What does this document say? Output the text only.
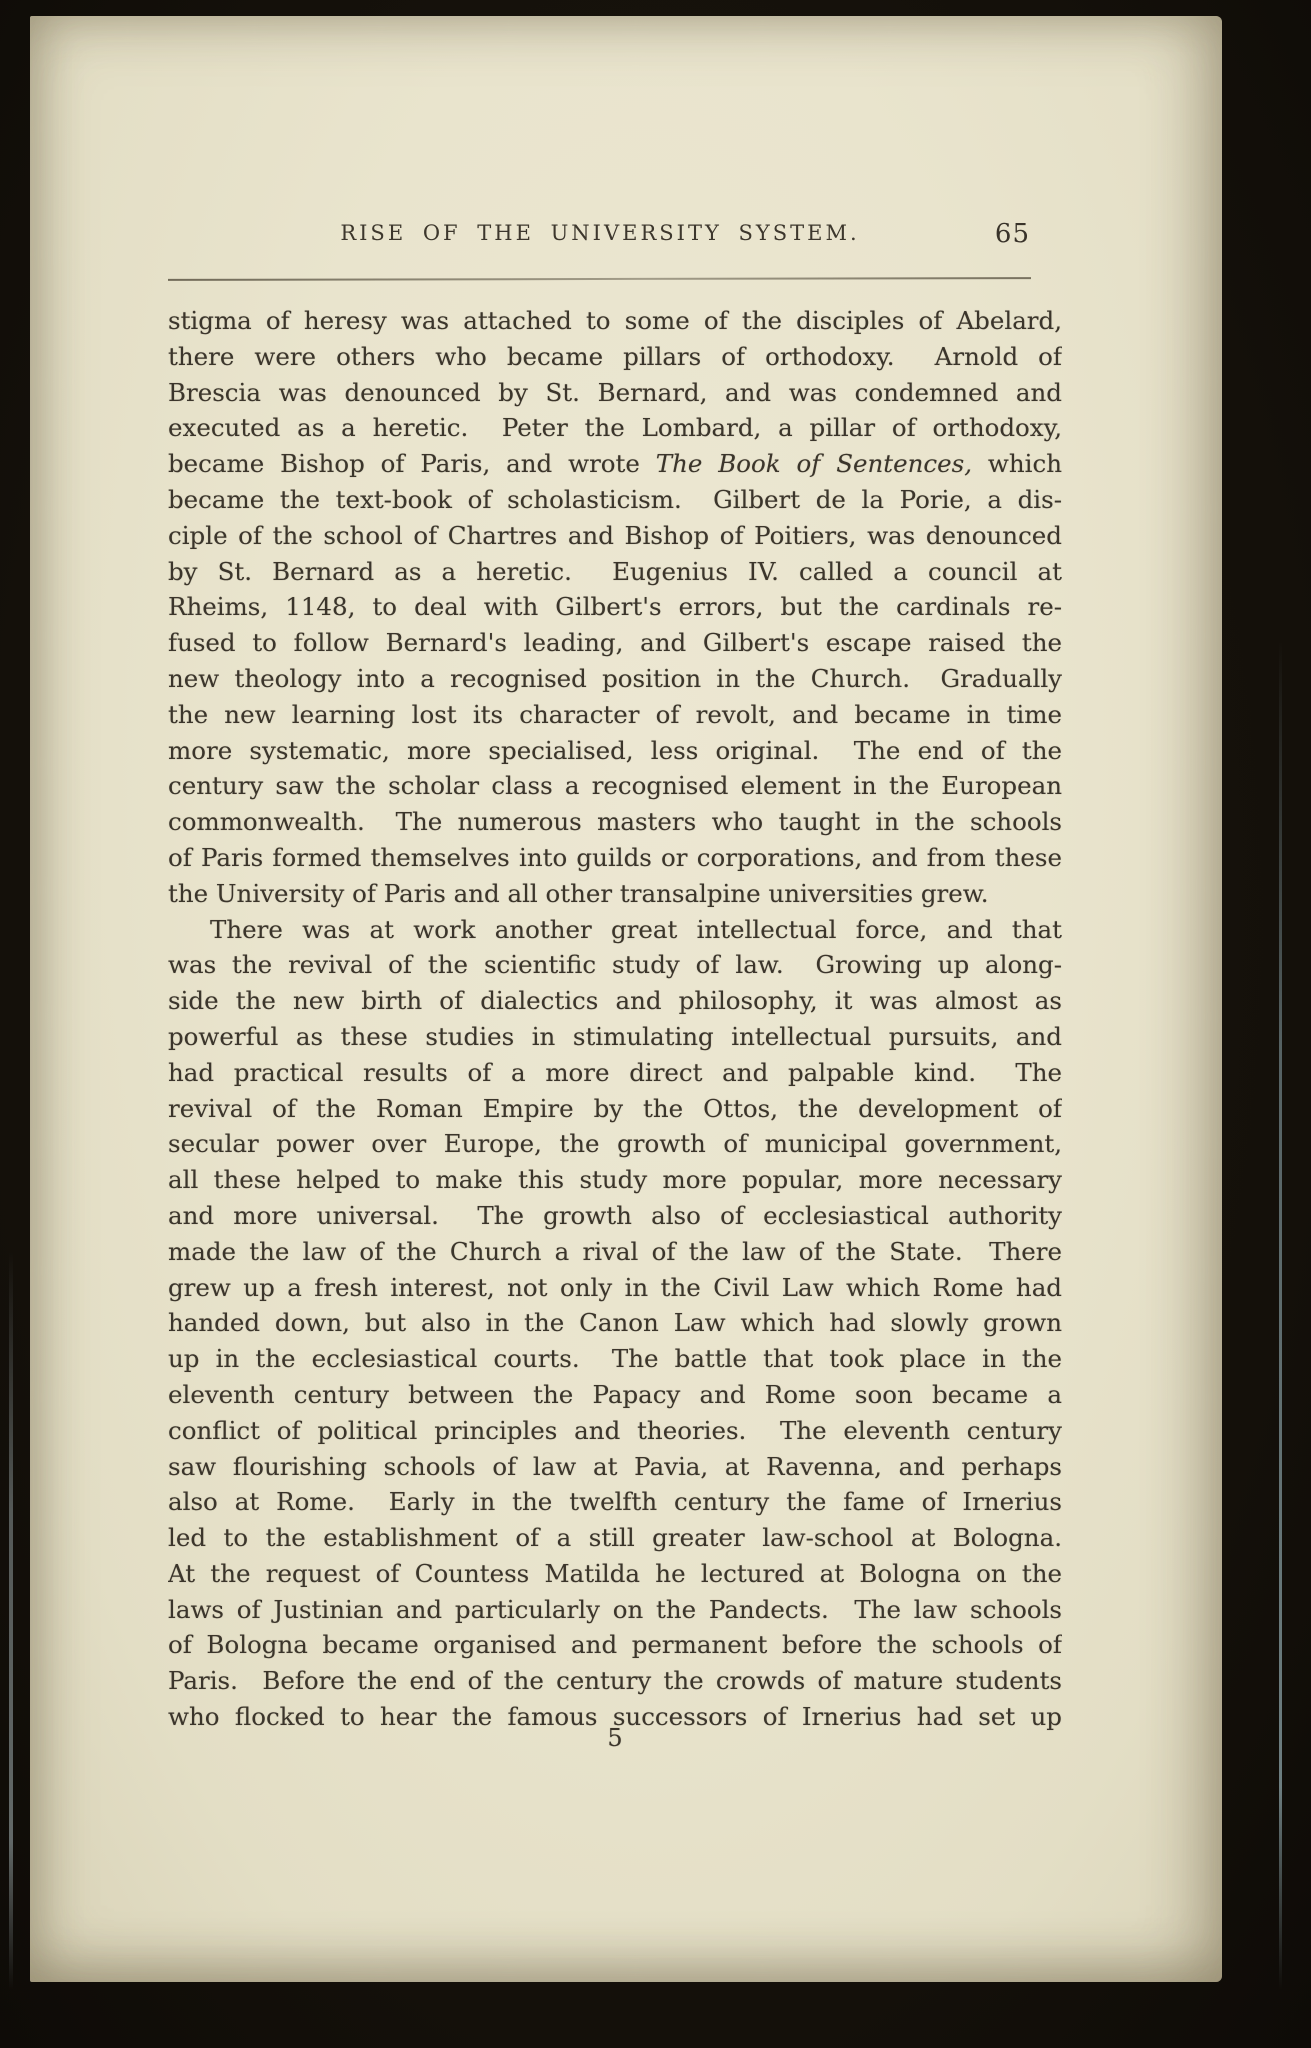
RISE OF THE UNIVERSITY SYSTEM.	65
stigma of heresy was attached to some of the disciples of Abelard,
there were others who became pillars of orthodoxy.  Arnold of
Brescia was denounced by St. Bernard, and was condemned and
executed as a heretic.  Peter the Lombard, a pillar of orthodoxy,
became Bishop of Paris, and wrote The Book of Sentences, which
became the text-book of scholasticism.  Gilbert de la Porie, a dis-
ciple of the school of Chartres and Bishop of Poitiers, was denounced
by St. Bernard as a heretic.  Eugenius IV. called a council at
Rheims, 1148, to deal with Gilbert's errors, but the cardinals re-
fused to follow Bernard's leading, and Gilbert's escape raised the
new theology into a recognised position in the Church.  Gradually
the new learning lost its character of revolt, and became in time
more systematic, more specialised, less original.  The end of the
century saw the scholar class a recognised element in the European
commonwealth.  The numerous masters who taught in the schools
of Paris formed themselves into guilds or corporations, and from these
the University of Paris and all other transalpine universities grew.
There was at work another great intellectual force, and that
was the revival of the scientific study of law.  Growing up along-
side the new birth of dialectics and philosophy, it was almost as
powerful as these studies in stimulating intellectual pursuits, and
had practical results of a more direct and palpable kind.  The
revival of the Roman Empire by the Ottos, the development of
secular power over Europe, the growth of municipal government,
all these helped to make this study more popular, more necessary
and more universal.  The growth also of ecclesiastical authority
made the law of the Church a rival of the law of the State.  There
grew up a fresh interest, not only in the Civil Law which Rome had
handed down, but also in the Canon Law which had slowly grown
up in the ecclesiastical courts.  The battle that took place in the
eleventh century between the Papacy and Rome soon became a
conflict of political principles and theories.  The eleventh century
saw flourishing schools of law at Pavia, at Ravenna, and perhaps
also at Rome.  Early in the twelfth century the fame of Irnerius
led to the establishment of a still greater law-school at Bologna.
At the request of Countess Matilda he lectured at Bologna on the
laws of Justinian and particularly on the Pandects.  The law schools
of Bologna became organised and permanent before the schools of
Paris.  Before the end of the century the crowds of mature students
who flocked to hear the famous successors of Irnerius had set up
5
